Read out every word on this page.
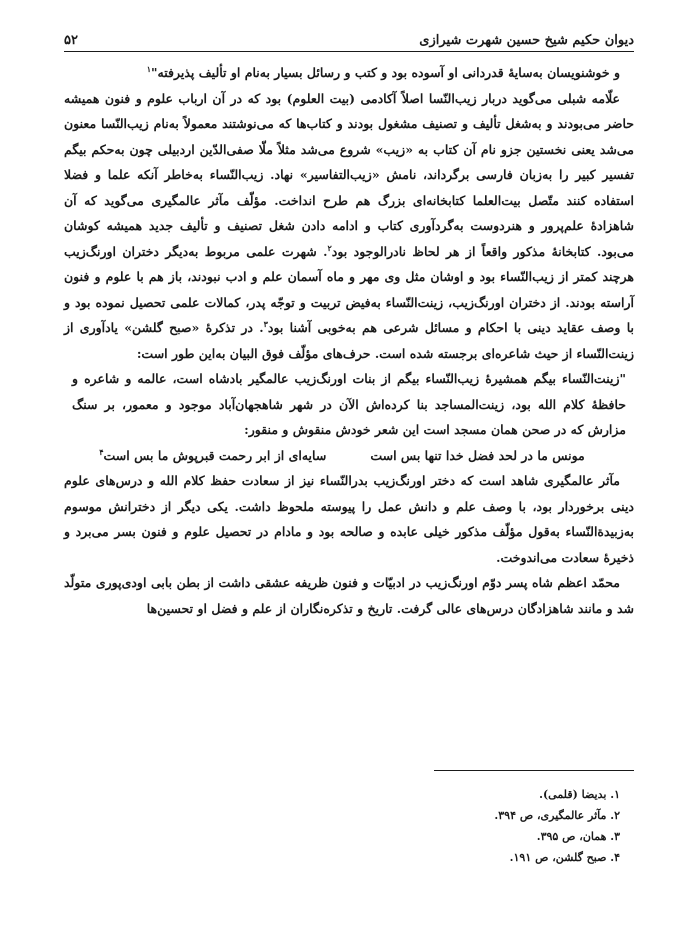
دیوان حکیم شیخ حسین شهرت شیرازی
۵۲

و خوشنویسان به‌سایهٔ قدردانی او آسوده بود و کتب و رسائل بسیار به‌نام او تألیف پذیرفته"$^۱$

علّامه شبلی می‌گوید دربار زیب‌النّسا اصلاً آکادمی (بیت العلوم) بود که در آن ارباب علوم و فنون همیشه حاضر می‌بودند و به‌شغل تألیف و تصنیف مشغول بودند و کتاب‌ها که می‌نوشتند معمولاً به‌نام زیب‌النّسا معنون می‌شد یعنی نخستین جزو نام آن کتاب به «زیب» شروع می‌شد مثلاً ملّا صفی‌الدّین اردبیلی چون به‌حکم بیگم تفسیر کبیر را به‌زبان فارسی برگرداند، نامش «زیب‌التفاسیر» نهاد. زیب‌النّساء به‌خاطر آنکه علما و فضلا استفاده کنند متّصل بیت‌العلما کتابخانه‌ای بزرگ هم طرح انداخت. مؤلّف مآثر عالمگیری می‌گوید که آن شاهزادهٔ علم‌پرور و هنردوست به‌گردآوری کتاب و ادامه دادن شغل تصنیف و تألیف جدید همیشه کوشان می‌بود. کتابخانهٔ مذکور واقعاً از هر لحاظ نادرالوجود بود$^۲$. شهرت علمی مربوط به‌دیگر دختران اورنگ‌زیب هرچند کمتر از زیب‌النّساء بود و اوشان مثل وی مهر و ماه آسمان علم و ادب نبودند، باز هم با علوم و فنون آراسته بودند. از دختران اورنگ‌زیب، زینت‌النّساء به‌فیض تربیت و توجّه پدر، کمالات علمی تحصیل نموده بود و با وصف عقاید دینی با احکام و مسائل شرعی هم به‌خوبی آشنا بود$^۳$. در تذکرهٔ «صبح گلشن» یادآوری از زینت‌النّساء از حیث شاعره‌ای برجسته شده است. حرف‌های مؤلّف فوق البیان به‌این طور است:

"زینت‌النّساء بیگم همشیرهٔ زیب‌النّساء بیگم از بنات اورنگ‌زیب عالمگیر بادشاه است، عالمه و شاعره و حافظهٔ کلام الله بود، زینت‌المساجد بنا کرده‌اش الآن در شهر شاهجهان‌آباد موجود و معمور، بر سنگ مزارش که در صحن همان مسجد است این شعر خودش منقوش و منقور:

مونس ما در لحد فضل خدا تنها بس است
سایه‌ای از ابر رحمت قبرپوش ما بس است$^۴$

مآثر عالمگیری شاهد است که دختر اورنگ‌زیب بدرالنّساء نیز از سعادت حفظ کلام الله و درس‌های علوم دینی برخوردار بود، با وصف علم و دانش عمل را پیوسته ملحوظ داشت. یکی دیگر از دخترانش موسوم به‌زبیدةالنّساء به‌قول مؤلّف مذکور خیلی عابده و صالحه بود و مادام در تحصیل علوم و فنون بسر می‌برد و ذخیرهٔ سعادت می‌اندوخت.

محمّد اعظم شاه پسر دوّم اورنگ‌زیب در ادبیّات و فنون ظریفه عشقی داشت از بطن بابی اودی‌پوری متولّد شد و مانند شاهزادگان درس‌های عالی گرفت. تاریخ و تذکره‌نگاران از علم و فضل او تحسین‌ها

۱. بدیضا (قلمی).
۲. مآثر عالمگیری، ص ۳۹۴.
۳. همان، ص ۳۹۵.
۴. صبح گلشن، ص ۱۹۱.
